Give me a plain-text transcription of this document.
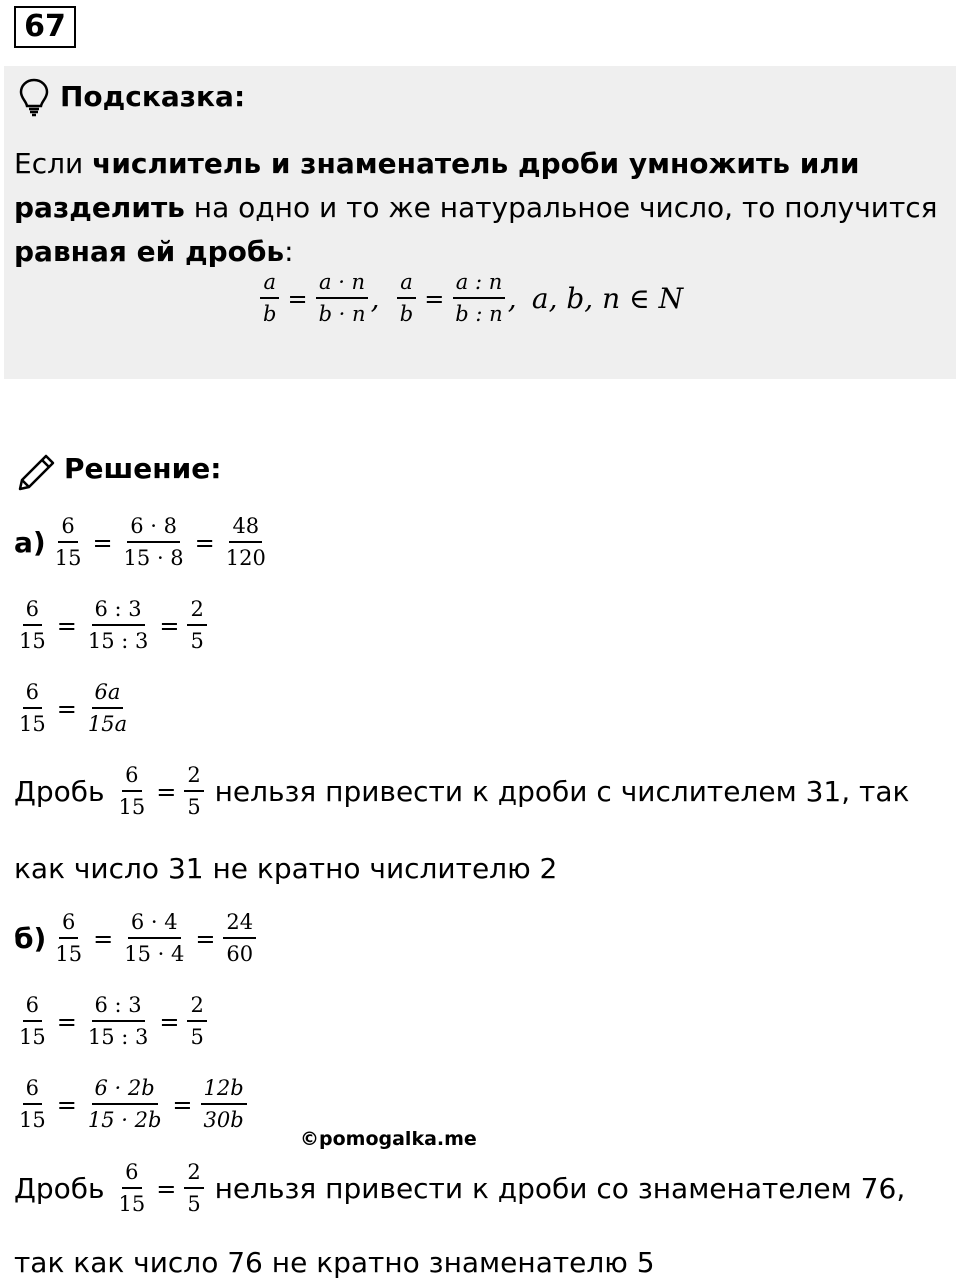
67
Подсказка:
Если числитель и знаменатель дроби умножить или разделить на одно и то же натуральное число, то получится равная ей дробь:
$\frac{a}{b} = \frac{a \cdot n}{b \cdot n}$ ,
$\frac{a}{b} = \frac{a : n}{b : n}$ ,
a, b, n ∈ N
Решение:
$а) \frac{6}{15} = \frac{6 \cdot 8}{15 \cdot 8} = \frac{48}{120}$
$\frac{6}{15} = \frac{6 : 3}{15 : 3} = \frac{2}{5}$
$\frac{6}{15} = \frac{6a}{15a}$
Дробь
$\frac{6}{15} = \frac{2}{5}$
нельзя привести к дроби с числителем 31, так
как число 31 не кратно числителю 2
$б) \frac{6}{15} = \frac{6 \cdot 4}{15 \cdot 4} = \frac{24}{60}$
$\frac{6}{15} = \frac{6 : 3}{15 : 3} = \frac{2}{5}$
$\frac{6}{15} = \frac{6 \cdot 2b}{15 \cdot 2b} = \frac{12b}{30b}$
©pomogalka.me
Дробь
$\frac{6}{15} = \frac{2}{5}$
нельзя привести к дроби со знаменателем 76,
так как число 76 не кратно знаменателю 5
